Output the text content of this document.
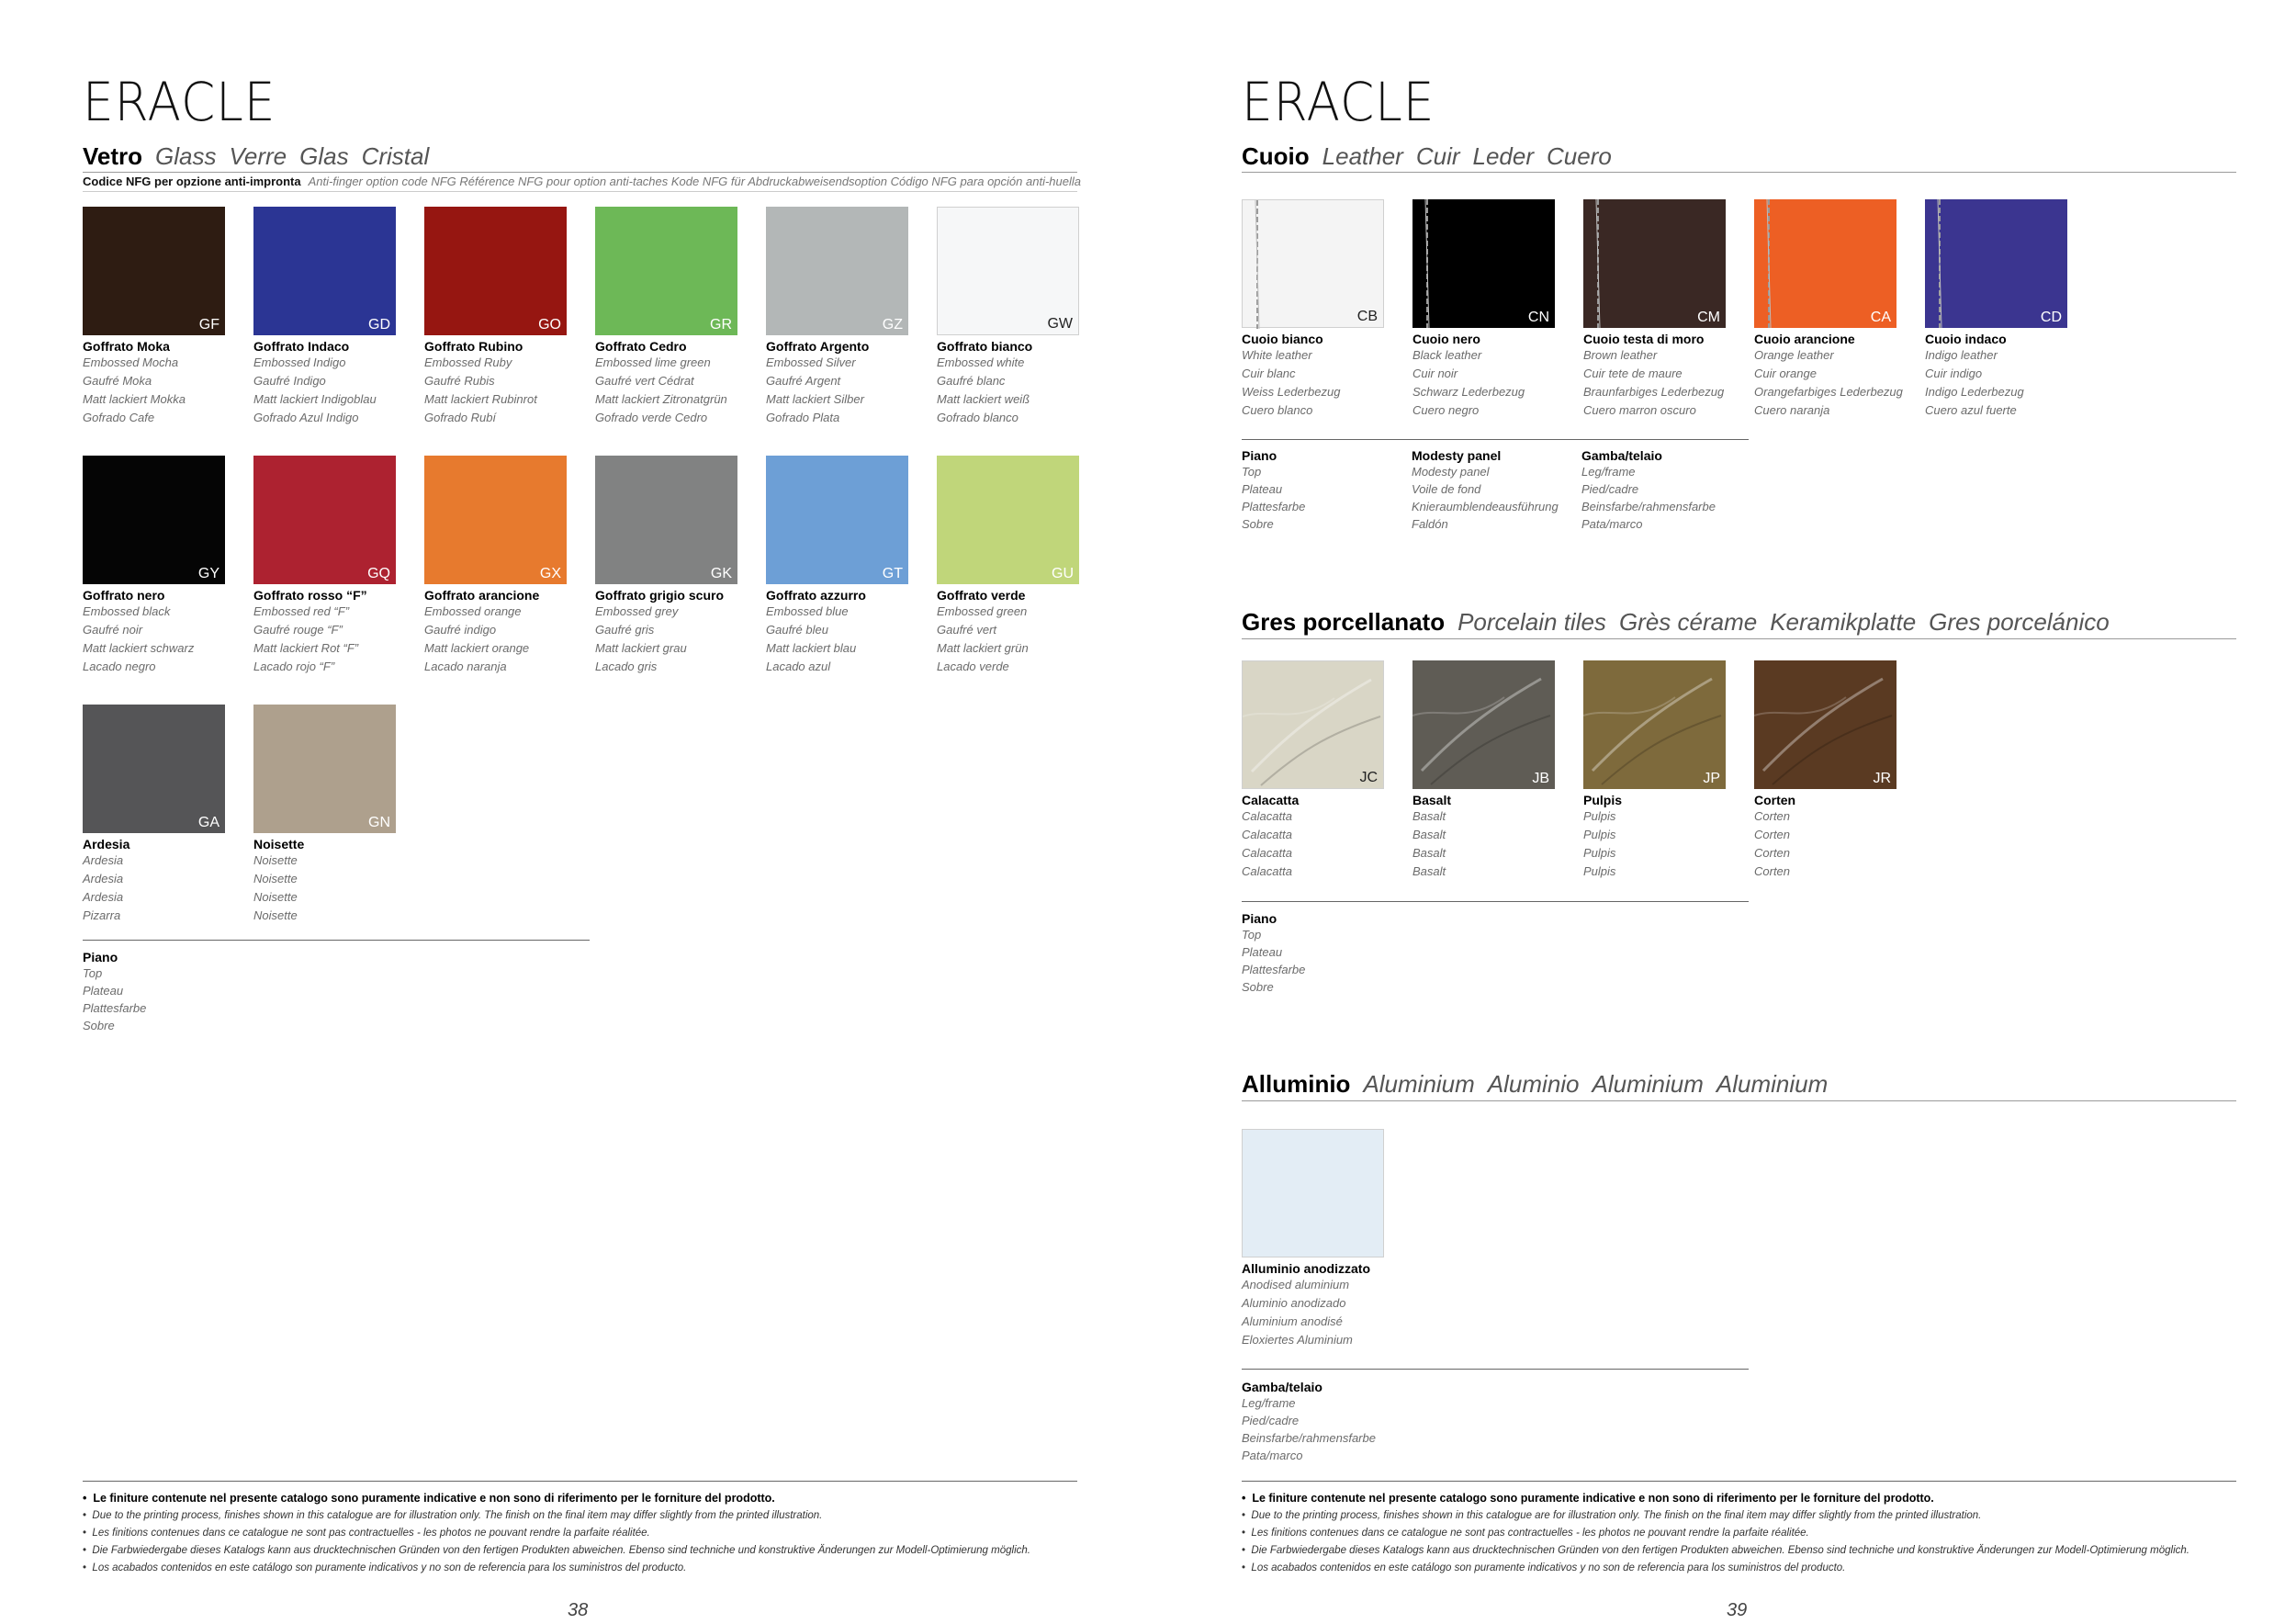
ERACLE
Vetro Glass Verre Glas Cristal
Codice NFG per opzione anti-impronta Anti-finger option code NFG Référence NFG pour option anti-taches Kode NFG für Abdruckabweisendsoption Código NFG para opción anti-huella
GF
Goffrato Moka
Embossed Mocha
Gaufré Moka
Matt lackiert Mokka
Gofrado Cafe
GD
Goffrato Indaco
Embossed Indigo
Gaufré Indigo
Matt lackiert Indigoblau
Gofrado Azul Indigo
GO
Goffrato Rubino
Embossed Ruby
Gaufré Rubis
Matt lackiert Rubinrot
Gofrado Rubí
GR
Goffrato Cedro
Embossed lime green
Gaufré vert Cédrat
Matt lackiert Zitronatgrün
Gofrado verde Cedro
GZ
Goffrato Argento
Embossed Silver
Gaufré Argent
Matt lackiert Silber
Gofrado Plata
GW
Goffrato bianco
Embossed white
Gaufré blanc
Matt lackiert weiß
Gofrado blanco
GY
Goffrato nero
Embossed black
Gaufré noir
Matt lackiert schwarz
Lacado negro
GQ
Goffrato rosso “F”
Embossed red “F”
Gaufré rouge “F”
Matt lackiert Rot “F”
Lacado rojo “F”
GX
Goffrato arancione
Embossed orange
Gaufré indigo
Matt lackiert orange
Lacado naranja
GK
Goffrato grigio scuro
Embossed grey
Gaufré gris
Matt lackiert grau
Lacado gris
GT
Goffrato azzurro
Embossed blue
Gaufré bleu
Matt lackiert blau
Lacado azul
GU
Goffrato verde
Embossed green
Gaufré vert
Matt lackiert grün
Lacado verde
GA
Ardesia
Ardesia
Ardesia
Ardesia
Pizarra
GN
Noisette
Noisette
Noisette
Noisette
Noisette
Piano
Top
Plateau
Plattesfarbe
Sobre
•  Le finiture contenute nel presente catalogo sono puramente indicative e non sono di riferimento per le forniture del prodotto.
•  Due to the printing process, finishes shown in this catalogue are for illustration only. The finish on the final item may differ slightly from the printed illustration.
•  Les finitions contenues dans ce catalogue ne sont pas contractuelles - les photos ne pouvant rendre la parfaite réalitée.
•  Die Farbwiedergabe dieses Katalogs kann aus drucktechnischen Gründen von den fertigen Produkten abweichen. Ebenso sind techniche und konstruktive Änderungen zur Modell-Optimierung möglich.
•  Los acabados contenidos en este catálogo son puramente indicativos y no son de referencia para los suministros del producto.
38
ERACLE
Cuoio Leather Cuir Leder Cuero
CB
Cuoio bianco
White leather
Cuir blanc
Weiss Lederbezug
Cuero blanco
CN
Cuoio nero
Black leather
Cuir noir
Schwarz Lederbezug
Cuero negro
CM
Cuoio testa di moro
Brown leather
Cuir tete de maure
Braunfarbiges Lederbezug
Cuero marron oscuro
CA
Cuoio arancione
Orange leather
Cuir orange
Orangefarbiges Lederbezug
Cuero naranja
CD
Cuoio indaco
Indigo leather
Cuir indigo
Indigo Lederbezug
Cuero azul fuerte
Piano
Top
Plateau
Plattesfarbe
Sobre
Modesty panel
Modesty panel
Voile de fond
Knieraumblendeausführung
Faldón
Gamba/telaio
Leg/frame
Pied/cadre
Beinsfarbe/rahmensfarbe
Pata/marco
Gres porcellanato Porcelain tiles Grès cérame Keramikplatte Gres porcelánico
JC
Calacatta
Calacatta
Calacatta
Calacatta
Calacatta
JB
Basalt
Basalt
Basalt
Basalt
Basalt
JP
Pulpis
Pulpis
Pulpis
Pulpis
Pulpis
JR
Corten
Corten
Corten
Corten
Corten
Piano
Top
Plateau
Plattesfarbe
Sobre
Alluminio Aluminium Aluminio Aluminium Aluminium
Alluminio anodizzato
Anodised aluminium
Aluminio anodizado
Aluminium anodisé
Eloxiertes Aluminium
Gamba/telaio
Leg/frame
Pied/cadre
Beinsfarbe/rahmensfarbe
Pata/marco
•  Le finiture contenute nel presente catalogo sono puramente indicative e non sono di riferimento per le forniture del prodotto.
•  Due to the printing process, finishes shown in this catalogue are for illustration only. The finish on the final item may differ slightly from the printed illustration.
•  Les finitions contenues dans ce catalogue ne sont pas contractuelles - les photos ne pouvant rendre la parfaite réalitée.
•  Die Farbwiedergabe dieses Katalogs kann aus drucktechnischen Gründen von den fertigen Produkten abweichen. Ebenso sind techniche und konstruktive Änderungen zur Modell-Optimierung möglich.
•  Los acabados contenidos en este catálogo son puramente indicativos y no son de referencia para los suministros del producto.
39
